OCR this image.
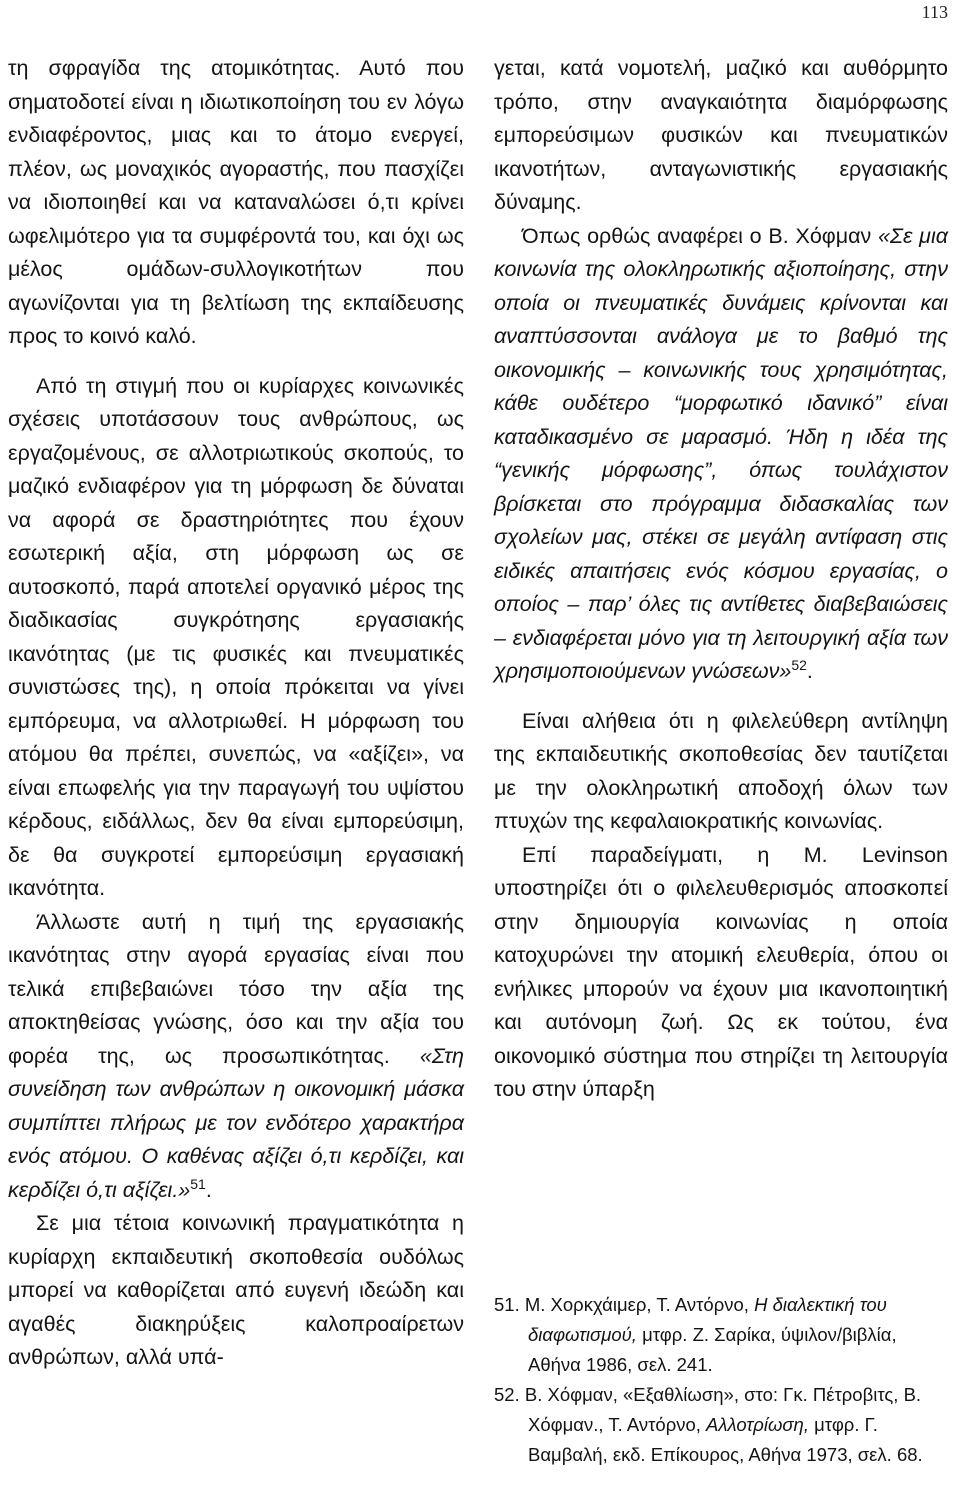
113

τη σφραγίδα της ατομικότητας. Αυτό που σηματοδοτεί είναι η ιδιωτικοποίηση του εν λόγω ενδιαφέροντος, μιας και το άτομο ενεργεί, πλέον, ως μοναχικός αγοραστής, που πασχίζει να ιδιοποιηθεί και να καταναλώσει ό,τι κρίνει ωφελιμότερο για τα συμφέροντά του, και όχι ως μέλος ομάδων-συλλογικοτήτων που αγωνίζονται για τη βελτίωση της εκπαίδευσης προς το κοινό καλό.

Από τη στιγμή που οι κυρίαρχες κοινωνικές σχέσεις υποτάσσουν τους ανθρώπους, ως εργαζομένους, σε αλλοτριωτικούς σκοπούς, το μαζικό ενδιαφέρον για τη μόρφωση δε δύναται να αφορά σε δραστηριότητες που έχουν εσωτερική αξία, στη μόρφωση ως σε αυτοσκοπό, παρά αποτελεί οργανικό μέρος της διαδικασίας συγκρότησης εργασιακής ικανότητας (με τις φυσικές και πνευματικές συνιστώσες της), η οποία πρόκειται να γίνει εμπόρευμα, να αλλοτριωθεί. Η μόρφωση του ατόμου θα πρέπει, συνεπώς, να «αξίζει», να είναι επωφελής για την παραγωγή του υψίστου κέρδους, ειδάλλως, δεν θα είναι εμπορεύσιμη, δε θα συγκροτεί εμπορεύσιμη εργασιακή ικανότητα.

Άλλωστε αυτή η τιμή της εργασιακής ικανότητας στην αγορά εργασίας είναι που τελικά επιβεβαιώνει τόσο την αξία της αποκτηθείσας γνώσης, όσο και την αξία του φορέα της, ως προσωπικότητας. «Στη συνείδηση των ανθρώπων η οικονομική μάσκα συμπίπτει πλήρως με τον ενδότερο χαρακτήρα ενός ατόμου. Ο καθένας αξίζει ό,τι κερδίζει, και κερδίζει ό,τι αξίζει.»$^{51}$.

Σε μια τέτοια κοινωνική πραγματικότητα η κυρίαρχη εκπαιδευτική σκοποθεσία ουδόλως μπορεί να καθορίζεται από ευγενή ιδεώδη και αγαθές διακηρύξεις καλοπροαίρετων ανθρώπων, αλλά υπά-

γεται, κατά νομοτελή, μαζικό και αυθόρμητο τρόπο, στην αναγκαιότητα διαμόρφωσης εμπορεύσιμων φυσικών και πνευματικών ικανοτήτων, ανταγωνιστικής εργασιακής δύναμης.

Όπως ορθώς αναφέρει ο Β. Χόφμαν «Σε μια κοινωνία της ολοκληρωτικής αξιοποίησης, στην οποία οι πνευματικές δυνάμεις κρίνονται και αναπτύσσονται ανάλογα με το βαθμό της οικονομικής – κοινωνικής τους χρησιμότητας, κάθε ουδέτερο “μορφωτικό ιδανικό” είναι καταδικασμένο σε μαρασμό. Ήδη η ιδέα της “γενικής μόρφωσης”, όπως τουλάχιστον βρίσκεται στο πρόγραμμα διδασκαλίας των σχολείων μας, στέκει σε μεγάλη αντίφαση στις ειδικές απαιτήσεις ενός κόσμου εργασίας, ο οποίος – παρ’ όλες τις αντίθετες διαβεβαιώσεις – ενδιαφέρεται μόνο για τη λειτουργική αξία των χρησιμοποιούμενων γνώσεων»$^{52}$.

Είναι αλήθεια ότι η φιλελεύθερη αντίληψη της εκπαιδευτικής σκοποθεσίας δεν ταυτίζεται με την ολοκληρωτική αποδοχή όλων των πτυχών της κεφαλαιοκρατικής κοινωνίας.

Επί παραδείγματι, η Μ. Levinson υποστηρίζει ότι ο φιλελευθερισμός αποσκοπεί στην δημιουργία κοινωνίας η οποία κατοχυρώνει την ατομική ελευθερία, όπου οι ενήλικες μπορούν να έχουν μια ικανοποιητική και αυτόνομη ζωή. Ως εκ τούτου, ένα οικονομικό σύστημα που στηρίζει τη λειτουργία του στην ύπαρξη

51. Μ. Χορκχάιμερ, Τ. Αντόρνο, Η διαλεκτική του διαφωτισμού, μτφρ. Ζ. Σαρίκα, ύψιλον/βιβλία, Αθήνα 1986, σελ. 241.

52. Β. Χόφμαν, «Εξαθλίωση», στο: Γκ. Πέτροβιτς, Β. Χόφμαν., Τ. Αντόρνο, Αλλοτρίωση, μτφρ. Γ. Βαμβαλή, εκδ. Επίκουρος, Αθήνα 1973, σελ. 68.
